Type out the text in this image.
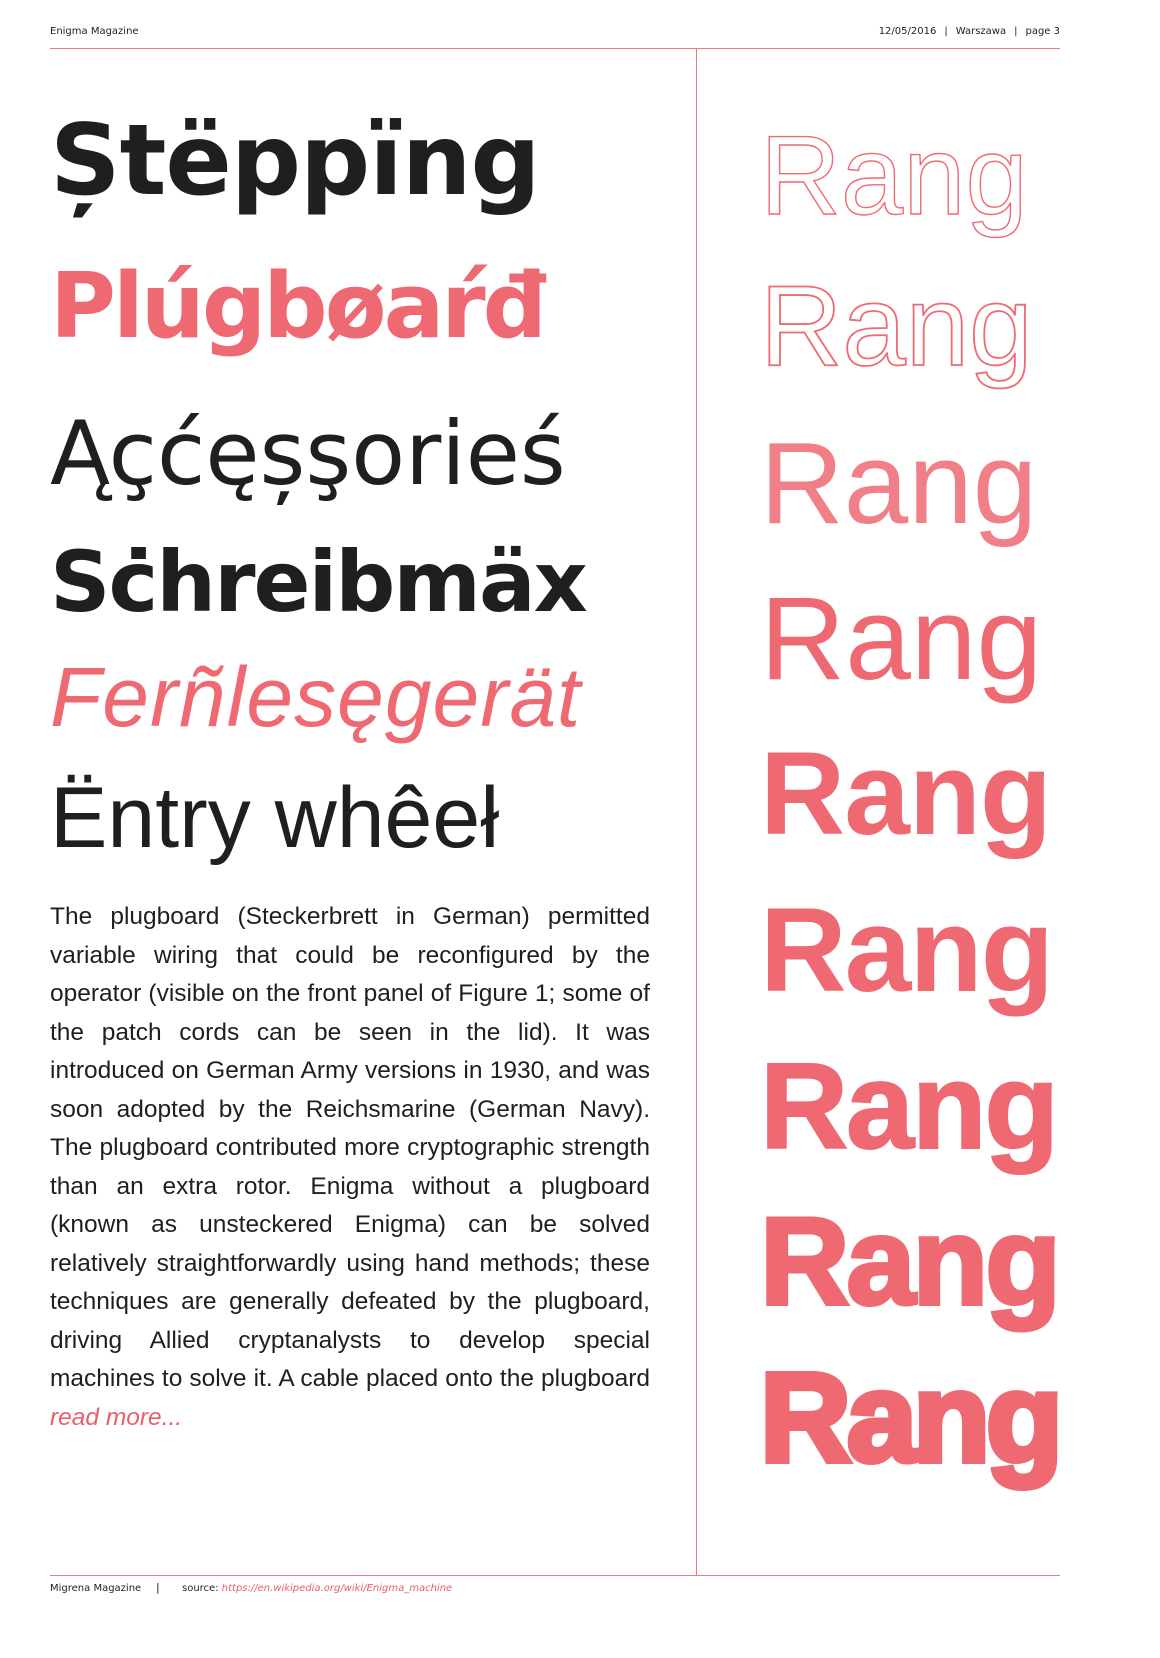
Enigma Magazine	12/05/2016 | Warszawa | page 3
Ștëppïng
Plúgbøaŕđ
Ąçćęșşorieś
Sċhreibmäx
Ferñlesęgerät
Ëntry whêeł

The plugboard (Steckerbrett in German) permitted variable wiring that could be reconfigured by the operator (visible on the front panel of Figure 1; some of the patch cords can be seen in the lid). It was introduced on German Army versions in 1930, and was soon adopted by the Reichsmarine (German Navy). The plugboard contributed more cryptographic strength than an extra rotor. Enigma without a plugboard (known as unsteckered Enigma) can be solved relatively straightforwardly using hand methods; these techniques are generally defeated by the plugboard, driving Allied cryptanalysts to develop special machines to solve it. A cable placed onto the plugboard read more...

Rang
Rang
Rang
Rang
Rang
Rang
Rang
Rang
Rang
Migrena Magazine | source: https://en.wikipedia.org/wiki/Enigma_machine
